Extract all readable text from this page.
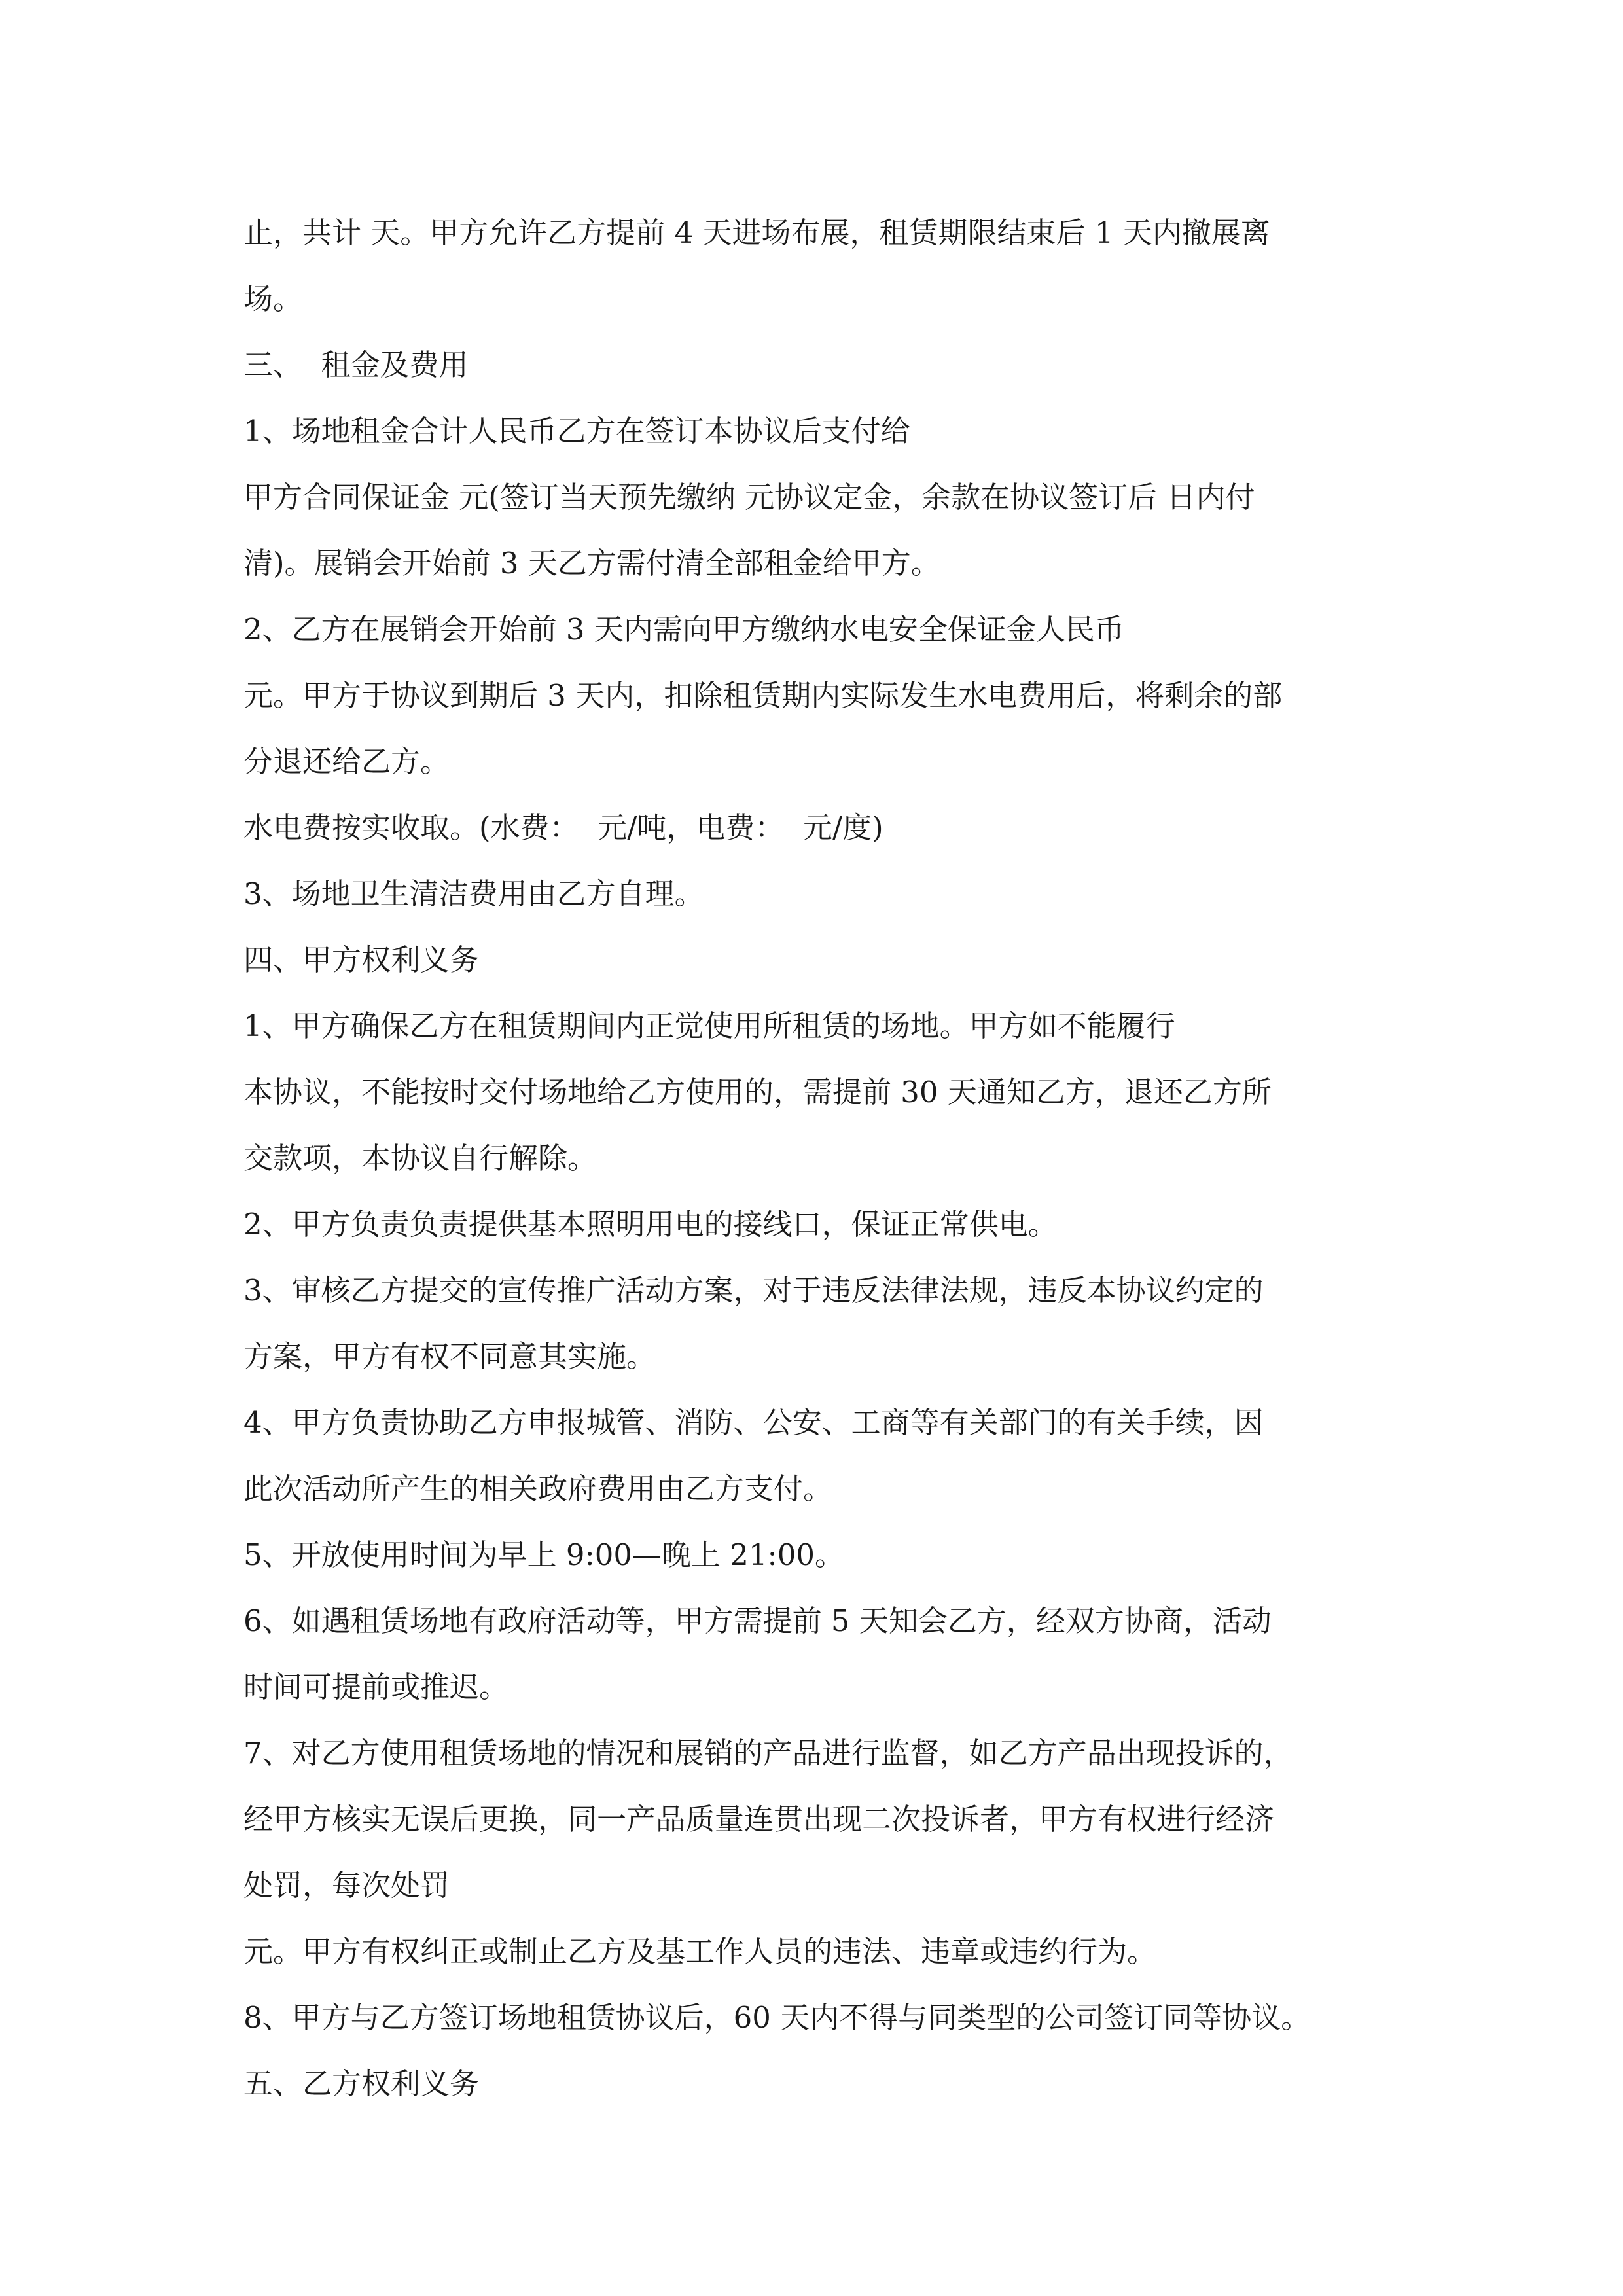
止，共计 天。甲方允许乙方提前 4 天进场布展，租赁期限结束后 1 天内撤展离
场。
三、  租金及费用
1、场地租金合计人民币乙方在签订本协议后支付给
甲方合同保证金 元(签订当天预先缴纳 元协议定金，余款在协议签订后 日内付
清)。展销会开始前 3 天乙方需付清全部租金给甲方。
2、乙方在展销会开始前 3 天内需向甲方缴纳水电安全保证金人民币
元。甲方于协议到期后 3 天内，扣除租赁期内实际发生水电费用后，将剩余的部
分退还给乙方。
水电费按实收取。(水费：  元/吨，电费：  元/度)
3、场地卫生清洁费用由乙方自理。
四、甲方权利义务
1、甲方确保乙方在租赁期间内正觉使用所租赁的场地。甲方如不能履行
本协议，不能按时交付场地给乙方使用的，需提前 30 天通知乙方，退还乙方所
交款项，本协议自行解除。
2、甲方负责负责提供基本照明用电的接线口，保证正常供电。
3、审核乙方提交的宣传推广活动方案，对于违反法律法规，违反本协议约定的
方案，甲方有权不同意其实施。
4、甲方负责协助乙方申报城管、消防、公安、工商等有关部门的有关手续，因
此次活动所产生的相关政府费用由乙方支付。
5、开放使用时间为早上 9:00—晚上 21:00。
6、如遇租赁场地有政府活动等，甲方需提前 5 天知会乙方，经双方协商，活动
时间可提前或推迟。
7、对乙方使用租赁场地的情况和展销的产品进行监督，如乙方产品出现投诉的，
经甲方核实无误后更换，同一产品质量连贯出现二次投诉者，甲方有权进行经济
处罚，每次处罚
元。甲方有权纠正或制止乙方及基工作人员的违法、违章或违约行为。
8、甲方与乙方签订场地租赁协议后，60 天内不得与同类型的公司签订同等协议。
五、乙方权利义务
